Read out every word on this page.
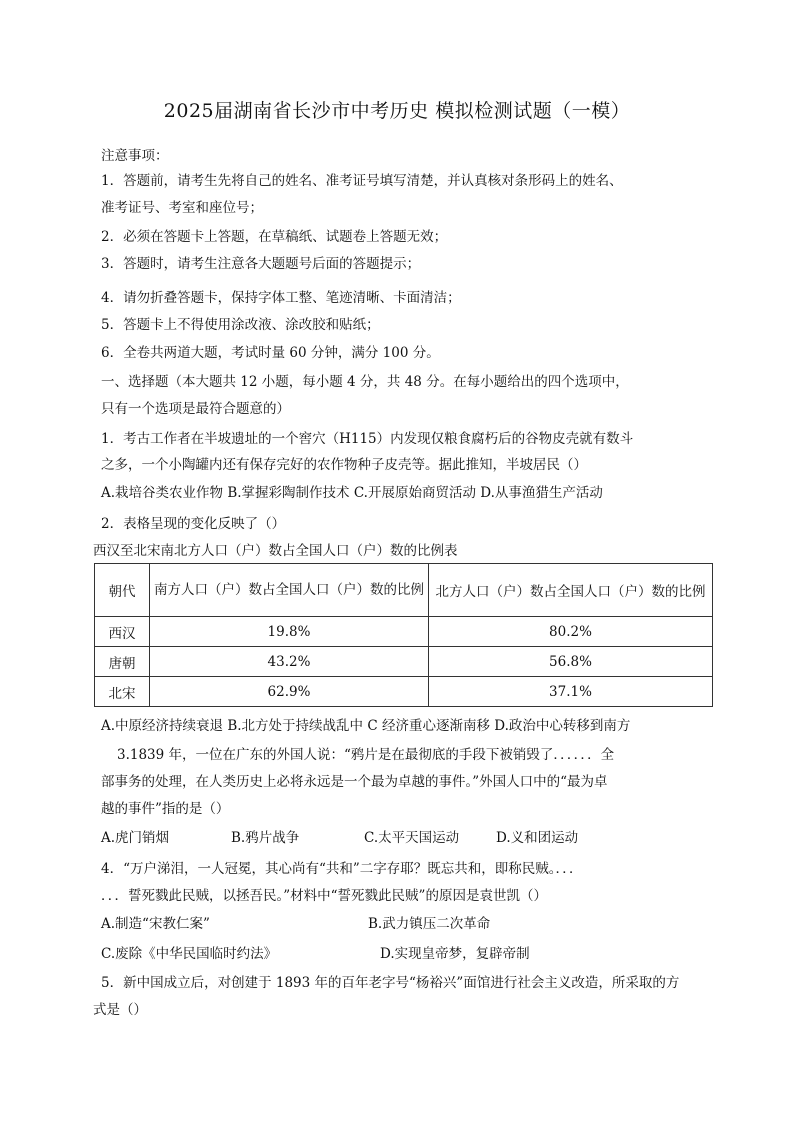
2025届湖南省长沙市中考历史 模拟检测试题（一模）
注意事项：
1．答题前，请考生先将自己的姓名、准考证号填写清楚，并认真核对条形码上的姓名、
准考证号、考室和座位号；
2．必须在答题卡上答题，在草稿纸、试题卷上答题无效；
3．答题时，请考生注意各大题题号后面的答题提示；
4．请勿折叠答题卡，保持字体工整、笔迹清晰、卡面清洁；
5．答题卡上不得使用涂改液、涂改胶和贴纸；
6．全卷共两道大题，考试时量 60 分钟，满分 100 分。
一、选择题（本大题共 12 小题，每小题 4 分，共 48 分。在每小题给出的四个选项中，
只有一个选项是最符合题意的）
1．考古工作者在半坡遗址的一个窖穴（H115）内发现仅粮食腐朽后的谷物皮壳就有数斗
之多，一个小陶罐内还有保存完好的农作物种子皮壳等。据此推知，半坡居民（）
A.栽培谷类农业作物 B.掌握彩陶制作技术 C.开展原始商贸活动 D.从事渔猎生产活动
2．表格呈现的变化反映了（）
西汉至北宋南北方人口（户）数占全国人口（户）数的比例表
朝代	南方人口（户）数占全国人口（户）数的比例	北方人口（户）数占全国人口（户）数的比例
西汉	19.8%	80.2%
唐朝	43.2%	56.8%
北宋	62.9%	37.1%
A.中原经济持续衰退 B.北方处于持续战乱中 C 经济重心逐渐南移 D.政治中心转移到南方
3.1839 年，一位在广东的外国人说：“鸦片是在最彻底的手段下被销毁了．．．．．．全
部事务的处理，在人类历史上必将永远是一个最为卓越的事件。”外国人口中的“最为卓
越的事件”指的是（）
A.虎门销烟	B.鸦片战争	C.太平天国运动	D.义和团运动
4．“万户涕泪，一人冠冕，其心尚有“共和”二字存耶？既忘共和，即称民贼。．．．
．．．誓死戮此民贼，以拯吾民。”材料中“誓死戮此民贼”的原因是袁世凯（）
A.制造“宋教仁案”	B.武力镇压二次革命
C.废除《中华民国临时约法》	D.实现皇帝梦，复辟帝制
5．新中国成立后，对创建于 1893 年的百年老字号“杨裕兴”面馆进行社会主义改造，所采取的方
式是（）
